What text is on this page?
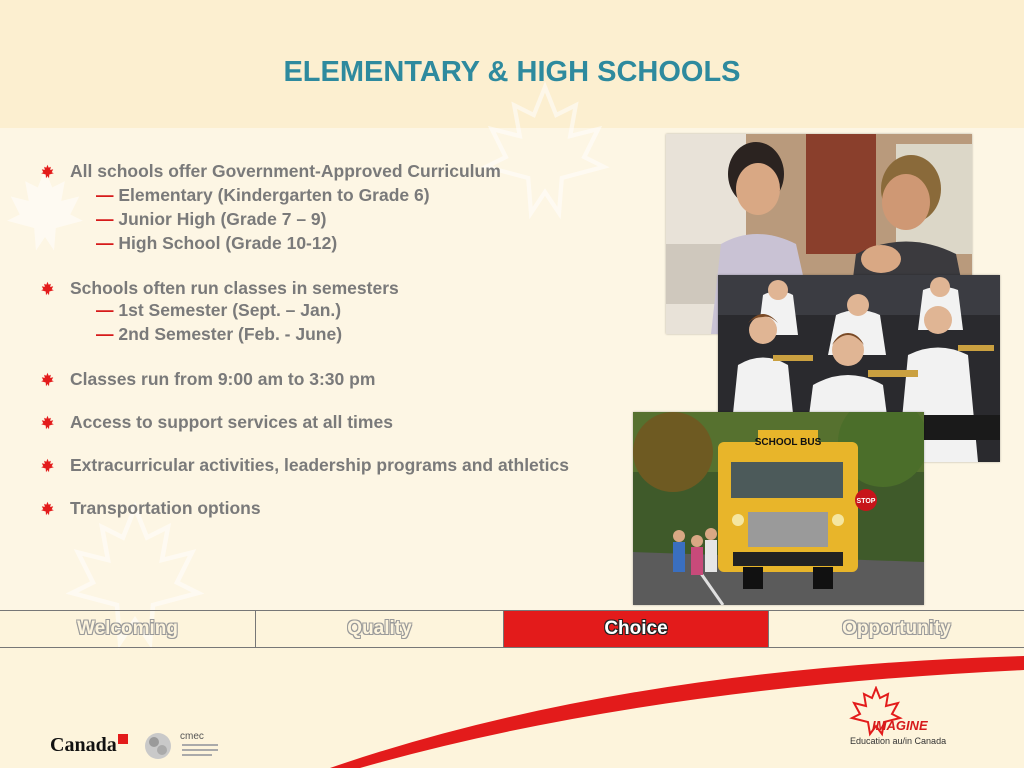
ELEMENTARY & HIGH SCHOOLS
All schools offer Government-Approved Curriculum
— Elementary (Kindergarten to Grade 6)
— Junior High (Grade 7 – 9)
— High School (Grade 10-12)
Schools often run classes in semesters
— 1st Semester (Sept. – Jan.)
— 2nd Semester (Feb. - June)
Classes run from 9:00 am to 3:30 pm
Access to support services at all times
Extracurricular activities, leadership programs and athletics
Transportation options	STOP
SCHOOL BUS
Welcoming	Quality	Choice	Opportunity
Canada	cmec
IMAGINE
Education au/in Canada
